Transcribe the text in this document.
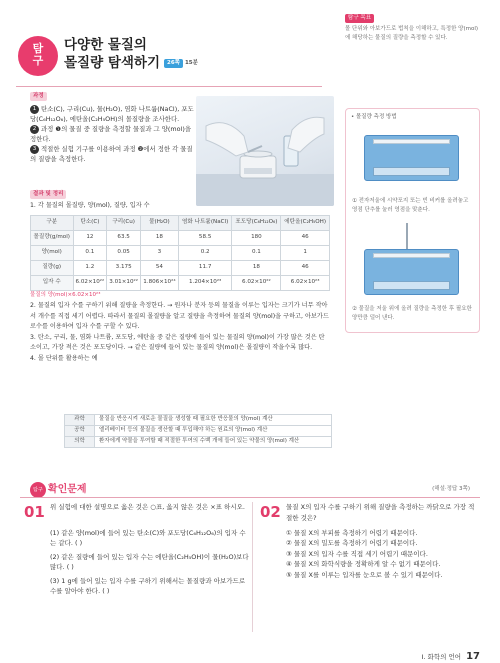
탐
구
다양한 물질의
몰질량 탐색하기 26쪽 15분
탐구 목표

몰 단위와 아보가드로 법칙을 이해하고, 특정한 양(mol)에 해당하는 물질의 질량을 측정할 수 있다.

과정
1 탄소(C), 구리(Cu), 물(H₂O), 염화 나트륨(NaCl), 포도당(C₆H₁₂O₆), 에탄올(C₂H₅OH)의 몰질량을 조사한다.
2 과정 ❶의 물질 중 질량을 측정할 물질과 그 양(mol)을 정한다.
3 적절한 실험 기구를 이용하여 과정 ❷에서 정한 각 물질의 질량을 측정한다.
• 몰질량 측정 방법
① 전자저울에 시약포지 또는 빈 비커를 올려놓고 영점 단추를 눌러 영점을 맞춘다.
② 물질을 저울 위에 올려 질량을 측정한 후 필요한 양만큼 덜어 낸다.
결과 및 정리
1. 각 물질의 몰질량, 양(mol), 질량, 입자 수
구분	탄소(C)	구리(Cu)	물(H₂O)	염화 나트륨(NaCl)	포도당(C₆H₁₂O₆)	에탄올(C₂H₅OH)
몰질량(g/mol)	12	63.5	18	58.5	180	46
양(mol)	0.1	0.05	3	0.2	0.1	1
질량(g)	1.2	3.175	54	11.7	18	46
입자 수	6.02×10²²	3.01×10²²	1.806×10²⁴	1.204×10²³	6.02×10²²	6.02×10²³
물질의 양(mol)×6.02×10²³
2. 물질의 입자 수를 구하기 위해 질량을 측정한다. → 원자나 분자 등의 물질을 이루는 입자는 크기가 너무 작아서 개수를 직접 세기 어렵다. 따라서 물질의 몰질량을 알고 질량을 측정하여 물질의 양(mol)을 구하고, 아보가드로수를 이용하여 입자 수를 구할 수 있다.
3. 탄소, 구리, 물, 염화 나트륨, 포도당, 에탄올 중 같은 질량에 들어 있는 물질의 양(mol)이 가장 많은 것은 탄소이고, 가장 적은 것은 포도당이다. → 같은 질량에 들어 있는 물질의 양(mol)은 몰질량이 작을수록 많다.
4. 몰 단위를 활용하는 예
과학	물질을 반응시켜 새로운 물질을 생성할 때 필요한 반응물의 양(mol) 계산
공학	엘리베이터 등의 물질을 생산할 때 투입해야 하는 원료의 양(mol) 계산
의학	환자에게 약물을 투여할 때 적절한 투여의 수백 개에 들어 있는 약물의 양(mol) 계산
탐구 확인문제	(해설·정답 3쪽)
01 위 실험에 대한 설명으로 옳은 것은 ○표, 옳지 않은 것은 ×표 하시오.
(1) 같은 양(mol)에 들어 있는 탄소(C)와 포도당(C₆H₁₂O₆)의 입자 수는 같다. ( )
(2) 같은 질량에 들어 있는 입자 수는 에탄올(C₂H₅OH)이 물(H₂O)보다 많다. ( )
(3) 1 g에 들어 있는 입자 수를 구하기 위해서는 몰질량과 아보가드로수를 알아야 한다. ( )
02 물질 X의 입자 수를 구하기 위해 질량을 측정하는 까닭으로 가장 적절한 것은?
① 물질 X의 부피를 측정하기 어렵기 때문이다.
② 물질 X의 밀도를 측정하기 어렵기 때문이다.
③ 물질 X의 입자 수를 직접 세기 어렵기 때문이다.
④ 물질 X의 화학식량을 정확하게 알 수 없기 때문이다.
⑤ 물질 X를 이루는 입자를 눈으로 볼 수 있기 때문이다.
I. 화학의 언어 17
